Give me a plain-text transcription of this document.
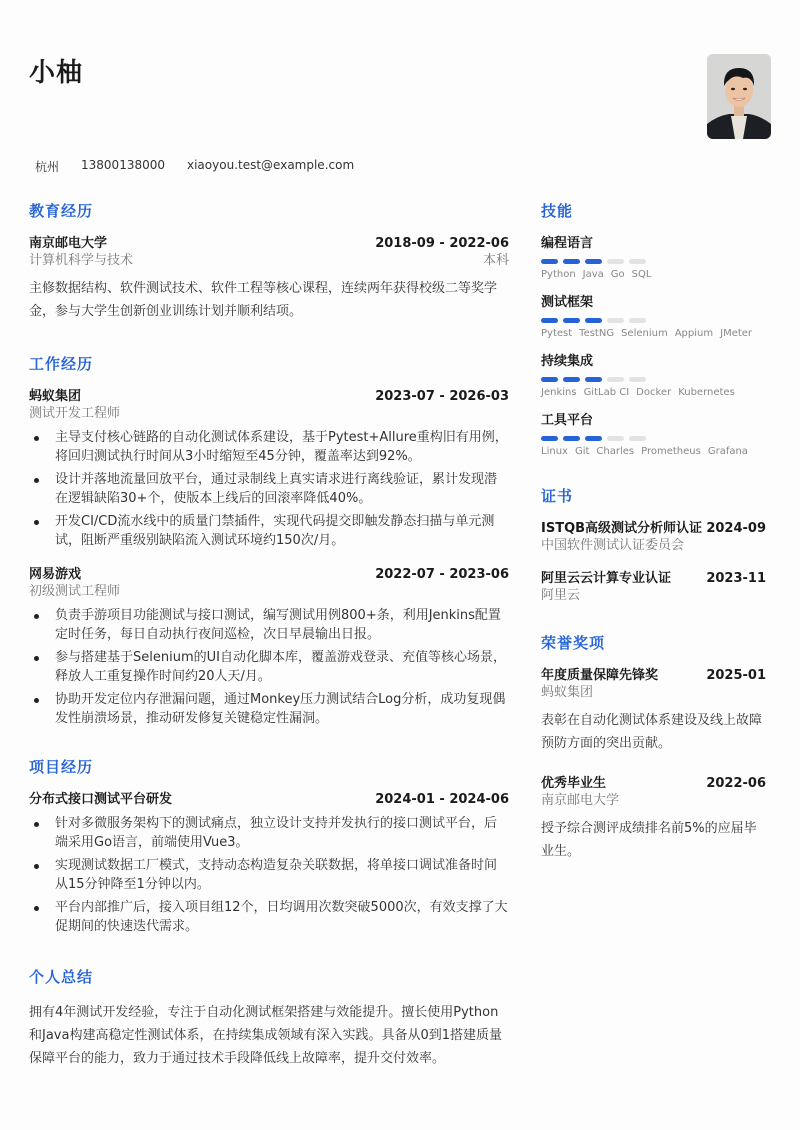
小柚
杭州 13800138000 xiaoyou.test@example.com
教育经历
南京邮电大学	2018-09 - 2022-06
计算机科学与技术	本科
主修数据结构、软件测试技术、软件工程等核心课程，连续两年获得校级二等奖学金，参与大学生创新创业训练计划并顺利结项。
工作经历
蚂蚁集团	2023-07 - 2026-03
测试开发工程师
主导支付核心链路的自动化测试体系建设，基于Pytest+Allure重构旧有用例，将回归测试执行时间从3小时缩短至45分钟，覆盖率达到92%。
设计并落地流量回放平台，通过录制线上真实请求进行离线验证，累计发现潜在逻辑缺陷30+个，使版本上线后的回滚率降低40%。
开发CI/CD流水线中的质量门禁插件，实现代码提交即触发静态扫描与单元测试，阻断严重级别缺陷流入测试环境约150次/月。
网易游戏	2022-07 - 2023-06
初级测试工程师
负责手游项目功能测试与接口测试，编写测试用例800+条，利用Jenkins配置定时任务，每日自动执行夜间巡检，次日早晨输出日报。
参与搭建基于Selenium的UI自动化脚本库，覆盖游戏登录、充值等核心场景，释放人工重复操作时间约20人天/月。
协助开发定位内存泄漏问题，通过Monkey压力测试结合Log分析，成功复现偶发性崩溃场景，推动研发修复关键稳定性漏洞。
项目经历
分布式接口测试平台研发	2024-01 - 2024-06
针对多微服务架构下的测试痛点，独立设计支持并发执行的接口测试平台，后端采用Go语言，前端使用Vue3。
实现测试数据工厂模式，支持动态构造复杂关联数据，将单接口调试准备时间从15分钟降至1分钟以内。
平台内部推广后，接入项目组12个，日均调用次数突破5000次，有效支撑了大促期间的快速迭代需求。
个人总结
拥有4年测试开发经验，专注于自动化测试框架搭建与效能提升。擅长使用Python和Java构建高稳定性测试体系，在持续集成领域有深入实践。具备从0到1搭建质量保障平台的能力，致力于通过技术手段降低线上故障率，提升交付效率。
技能
编程语言
Python Java Go SQL
测试框架
Pytest TestNG Selenium Appium JMeter
持续集成
Jenkins GitLab CI Docker Kubernetes
工具平台
Linux Git Charles Prometheus Grafana
证书
ISTQB高级测试分析师认证 2024-09
中国软件测试认证委员会
阿里云云计算专业认证	2023-11
阿里云
荣誉奖项
年度质量保障先锋奖	2025-01
蚂蚁集团
表彰在自动化测试体系建设及线上故障预防方面的突出贡献。
优秀毕业生	2022-06
南京邮电大学
授予综合测评成绩排名前5%的应届毕业生。
